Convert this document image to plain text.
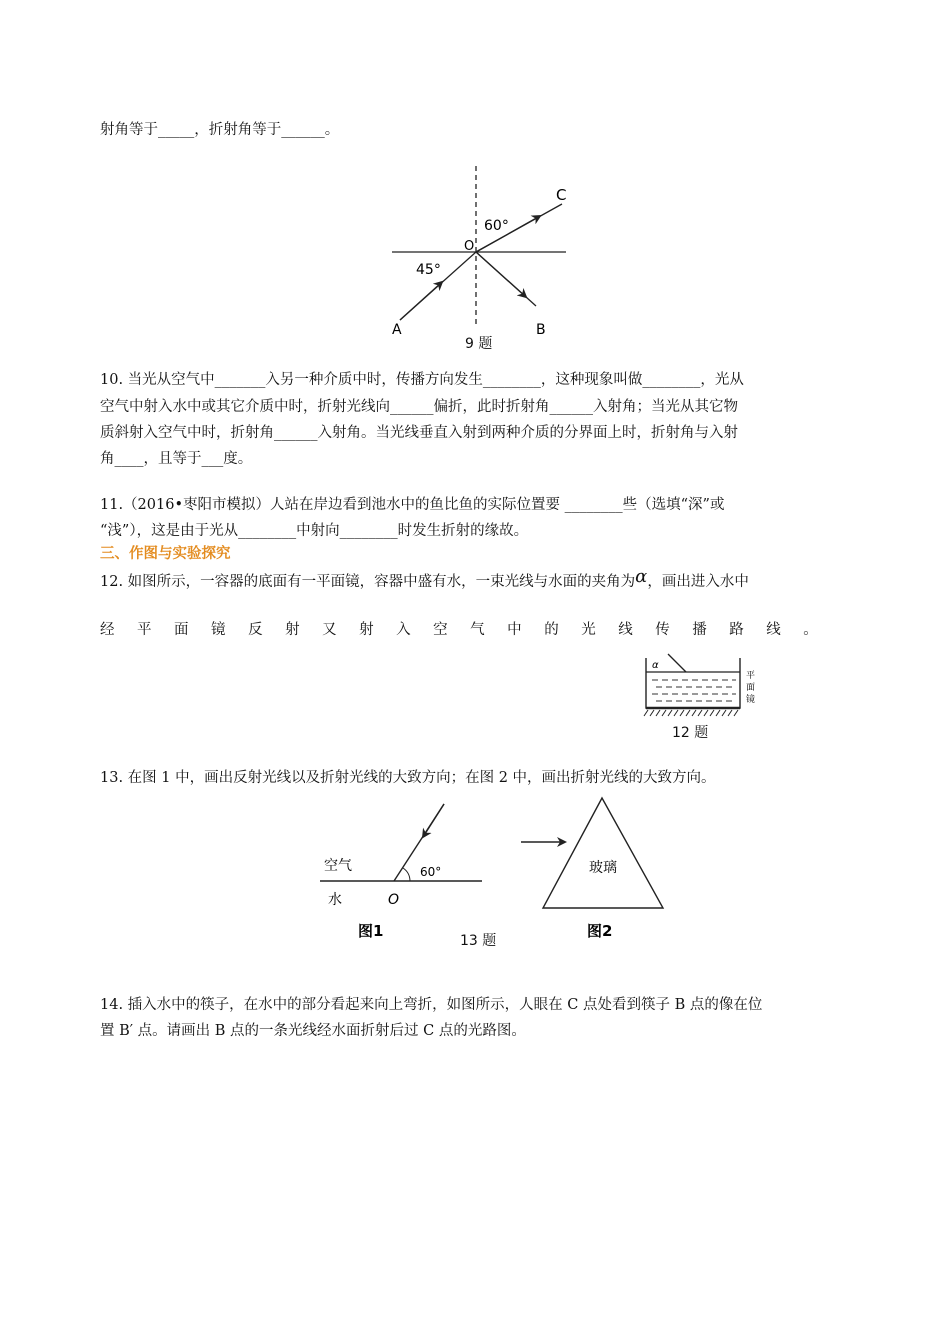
射角等于_____，折射角等于______。
C
O
60°
45°
A	B
9 题
10. 当光从空气中_______入另一种介质中时，传播方向发生________，这种现象叫做________，光从
空气中射入水中或其它介质中时，折射光线向______偏折，此时折射角______入射角；当光从其它物
质斜射入空气中时，折射角______入射角。当光线垂直入射到两种介质的分界面上时，折射角与入射
角____，且等于___度。
11.（2016•枣阳市模拟）人站在岸边看到池水中的鱼比鱼的实际位置要 ________些（选填“深”或
“浅”），这是由于光从________中射向________时发生折射的缘故。
三、作图与实验探究
12. 如图所示，一容器的底面有一平面镜，容器中盛有水，一束光线与水面的夹角为α，画出进入水中
经 平 面 镜 反 射 又 射 入 空 气 中 的 光 线 传 播 路 线 。
α
平
面
镜
12 题
13. 在图 1 中，画出反射光线以及折射光线的大致方向；在图 2 中，画出折射光线的大致方向。
空气
水
60°
O
图1
13 题
玻璃
图2
14. 插入水中的筷子，在水中的部分看起来向上弯折，如图所示，人眼在 C 点处看到筷子 B 点的像在位
置 B′ 点。请画出 B 点的一条光线经水面折射后过 C 点的光路图。
